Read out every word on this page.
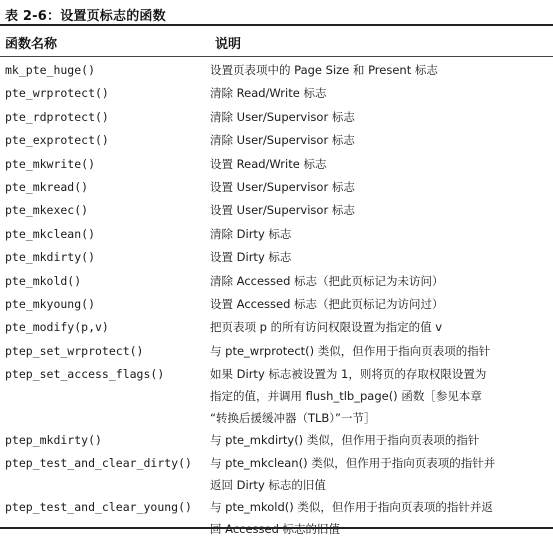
表 2-6：设置页标志的函数
函数名称	说明
mk_pte_huge()	设置页表项中的 Page Size 和 Present 标志
pte_wrprotect()	清除 Read/Write 标志
pte_rdprotect()	清除 User/Supervisor 标志
pte_exprotect()	清除 User/Supervisor 标志
pte_mkwrite()	设置 Read/Write 标志
pte_mkread()	设置 User/Supervisor 标志
pte_mkexec()	设置 User/Supervisor 标志
pte_mkclean()	清除 Dirty 标志
pte_mkdirty()	设置 Dirty 标志
pte_mkold()	清除 Accessed 标志（把此页标记为未访问）
pte_mkyoung()	设置 Accessed 标志（把此页标记为访问过）
pte_modify(p,v)	把页表项 p 的所有访问权限设置为指定的值 v
ptep_set_wrprotect()	与 pte_wrprotect() 类似，但作用于指向页表项的指针
ptep_set_access_flags()	如果 Dirty 标志被设置为 1，则将页的存取权限设置为
指定的值，并调用 flush_tlb_page() 函数［参见本章
“转换后援缓冲器（TLB）”一节］
ptep_mkdirty()	与 pte_mkdirty() 类似，但作用于指向页表项的指针
ptep_test_and_clear_dirty()	与 pte_mkclean() 类似，但作用于指向页表项的指针并
返回 Dirty 标志的旧值
ptep_test_and_clear_young()	与 pte_mkold() 类似，但作用于指向页表项的指针并返
回 Accessed 标志的旧值
